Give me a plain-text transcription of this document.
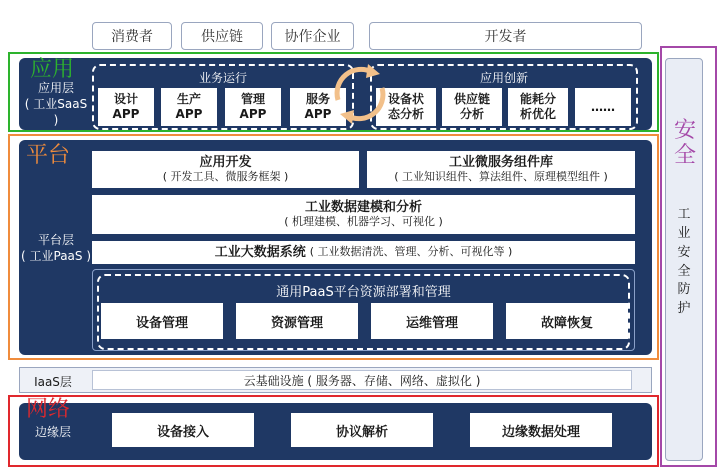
消费者	供应链	协作企业	开发者
应用
应用层
( 工业SaaS )
业务运行
设计
APP
生产
APP
管理
APP
服务
APP
应用创新
设备状
态分析
供应链
分析
能耗分
析优化
……
平台
平台层
( 工业PaaS )
应用开发
( 开发工具、微服务框架 )
工业微服务组件库
( 工业知识组件、算法组件、原理模型组件 )
工业数据建模和分析
( 机理建模、机器学习、可视化 )
工业大数据系统 ( 工业数据清洗、管理、分析、可视化等 )
通用PaaS平台资源部署和管理
设备管理	资源管理	运维管理	故障恢复
IaaS层	云基础设施 ( 服务器、存储、网络、虚拟化 )
网络
边缘层	设备接入	协议解析	边缘数据处理
安全
工业安全防护
